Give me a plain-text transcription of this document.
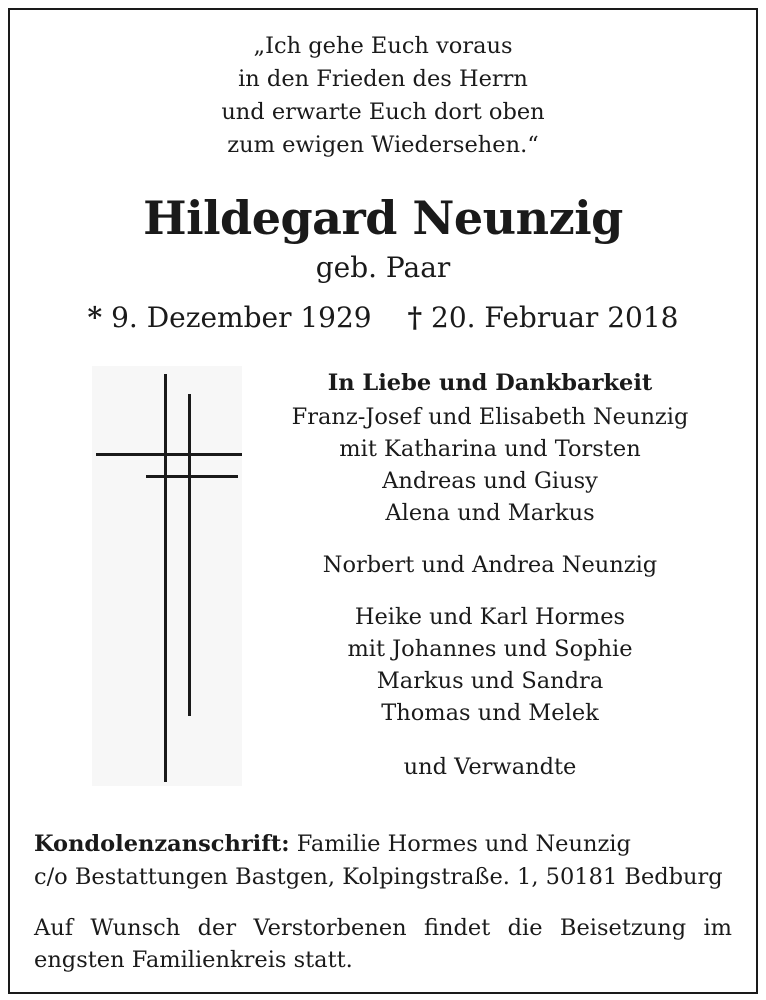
„Ich gehe Euch voraus
in den Frieden des Herrn
und erwarte Euch dort oben
zum ewigen Wiedersehen.“
Hildegard Neunzig
geb. Paar
* 9. Dezember 1929 † 20. Februar 2018
In Liebe und Dankbarkeit
Franz-Josef und Elisabeth Neunzig
mit Katharina und Torsten
Andreas und Giusy
Alena und Markus
Norbert und Andrea Neunzig
Heike und Karl Hormes
mit Johannes und Sophie
Markus und Sandra
Thomas und Melek
und Verwandte
Kondolenzanschrift: Familie Hormes und Neunzig
c/o Bestattungen Bastgen, Kolpingstraße. 1, 50181 Bedburg
Auf Wunsch der Verstorbenen findet die Beisetzung im engsten Familienkreis statt.
